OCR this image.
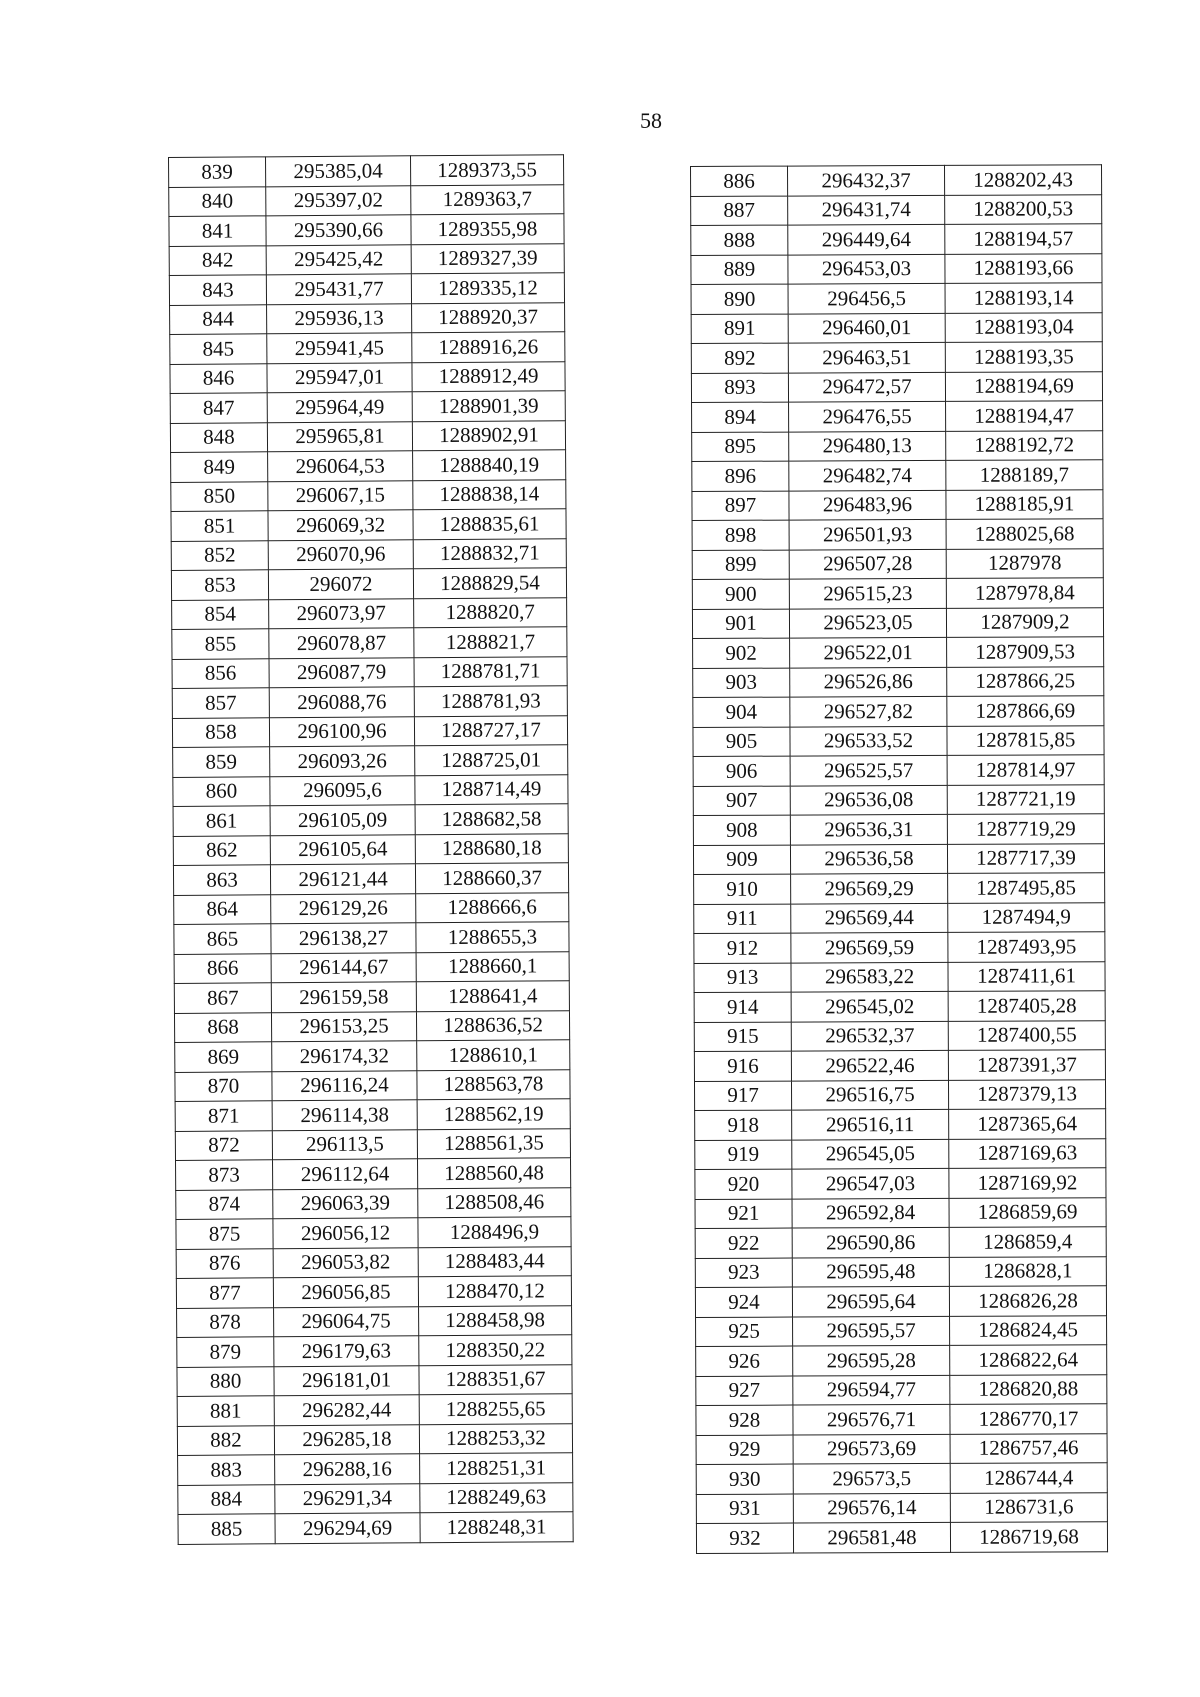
58
839	295385,04	1289373,55
840	295397,02	1289363,7
841	295390,66	1289355,98
842	295425,42	1289327,39
843	295431,77	1289335,12
844	295936,13	1288920,37
845	295941,45	1288916,26
846	295947,01	1288912,49
847	295964,49	1288901,39
848	295965,81	1288902,91
849	296064,53	1288840,19
850	296067,15	1288838,14
851	296069,32	1288835,61
852	296070,96	1288832,71
853	296072	1288829,54
854	296073,97	1288820,7
855	296078,87	1288821,7
856	296087,79	1288781,71
857	296088,76	1288781,93
858	296100,96	1288727,17
859	296093,26	1288725,01
860	296095,6	1288714,49
861	296105,09	1288682,58
862	296105,64	1288680,18
863	296121,44	1288660,37
864	296129,26	1288666,6
865	296138,27	1288655,3
866	296144,67	1288660,1
867	296159,58	1288641,4
868	296153,25	1288636,52
869	296174,32	1288610,1
870	296116,24	1288563,78
871	296114,38	1288562,19
872	296113,5	1288561,35
873	296112,64	1288560,48
874	296063,39	1288508,46
875	296056,12	1288496,9
876	296053,82	1288483,44
877	296056,85	1288470,12
878	296064,75	1288458,98
879	296179,63	1288350,22
880	296181,01	1288351,67
881	296282,44	1288255,65
882	296285,18	1288253,32
883	296288,16	1288251,31
884	296291,34	1288249,63
885	296294,69	1288248,31
886	296432,37	1288202,43
887	296431,74	1288200,53
888	296449,64	1288194,57
889	296453,03	1288193,66
890	296456,5	1288193,14
891	296460,01	1288193,04
892	296463,51	1288193,35
893	296472,57	1288194,69
894	296476,55	1288194,47
895	296480,13	1288192,72
896	296482,74	1288189,7
897	296483,96	1288185,91
898	296501,93	1288025,68
899	296507,28	1287978
900	296515,23	1287978,84
901	296523,05	1287909,2
902	296522,01	1287909,53
903	296526,86	1287866,25
904	296527,82	1287866,69
905	296533,52	1287815,85
906	296525,57	1287814,97
907	296536,08	1287721,19
908	296536,31	1287719,29
909	296536,58	1287717,39
910	296569,29	1287495,85
911	296569,44	1287494,9
912	296569,59	1287493,95
913	296583,22	1287411,61
914	296545,02	1287405,28
915	296532,37	1287400,55
916	296522,46	1287391,37
917	296516,75	1287379,13
918	296516,11	1287365,64
919	296545,05	1287169,63
920	296547,03	1287169,92
921	296592,84	1286859,69
922	296590,86	1286859,4
923	296595,48	1286828,1
924	296595,64	1286826,28
925	296595,57	1286824,45
926	296595,28	1286822,64
927	296594,77	1286820,88
928	296576,71	1286770,17
929	296573,69	1286757,46
930	296573,5	1286744,4
931	296576,14	1286731,6
932	296581,48	1286719,68
